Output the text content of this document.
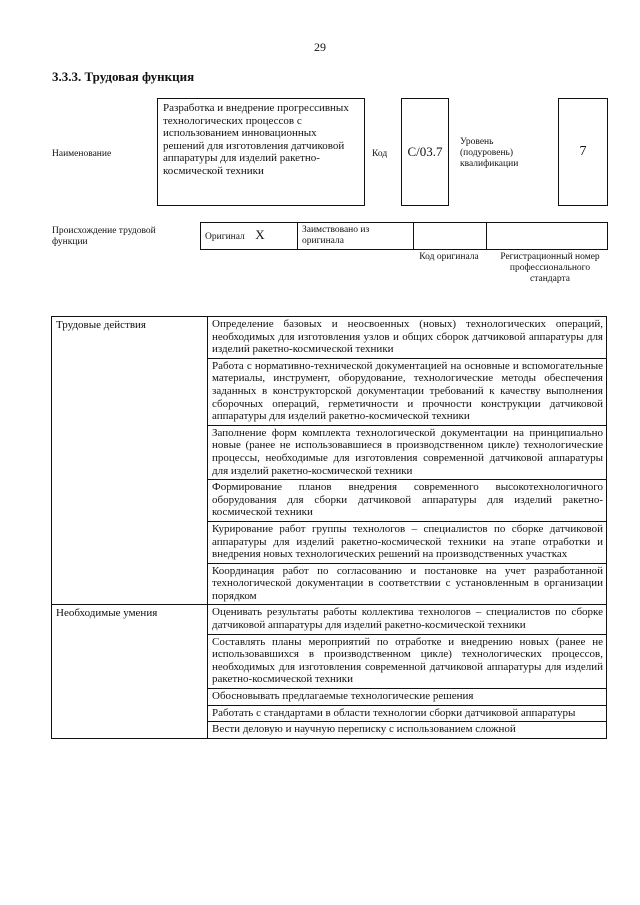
29
3.3.3. Трудовая функция
Наименование
Разработка и внедрение прогрессивных технологических процессов с использованием инновационных решений для изготовления датчиковой аппаратуры для изделий ракетно-космической техники
Код С/03.7
Уровень (подуровень) квалификации
7
Происхождение трудовой функции	Оригинал X	Заимствовано из оригинала		
Код оригинала	Регистрационный номер профессионального стандарта
Трудовые действия	Определение базовых и неосвоенных (новых) технологических операций, необходимых для изготовления узлов и общих сборок датчиковой аппаратуры для изделий ракетно-космической техники
	Работа с нормативно-технической документацией на основные и вспомогательные материалы, инструмент, оборудование, технологические методы обеспечения заданных в конструкторской документации требований к качеству выполнения сборочных операций, герметичности и прочности конструкции датчиковой аппаратуры для изделий ракетно-космической техники
	Заполнение форм комплекта технологической документации на принципиально новые (ранее не использовавшиеся в производственном цикле) технологические процессы, необходимые для изготовления современной датчиковой аппаратуры для изделий ракетно-космической техники
	Формирование планов внедрения современного высокотехнологичного оборудования для сборки датчиковой аппаратуры для изделий ракетно-космической техники
	Курирование работ группы технологов – специалистов по сборке датчиковой аппаратуры для изделий ракетно-космической техники на этапе отработки и внедрения новых технологических решений на производственных участках
	Координация работ по согласованию и постановке на учет разработанной технологической документации в соответствии с установленным в организации порядком
Необходимые умения	Оценивать результаты работы коллектива технологов – специалистов по сборке датчиковой аппаратуры для изделий ракетно-космической техники
	Составлять планы мероприятий по отработке и внедрению новых (ранее не использовавшихся в производственном цикле) технологических процессов, необходимых для изготовления современной датчиковой аппаратуры для изделий ракетно-космической техники
	Обосновывать предлагаемые технологические решения
	Работать с стандартами в области технологии сборки датчиковой аппаратуры
	Вести деловую и научную переписку с использованием сложной
